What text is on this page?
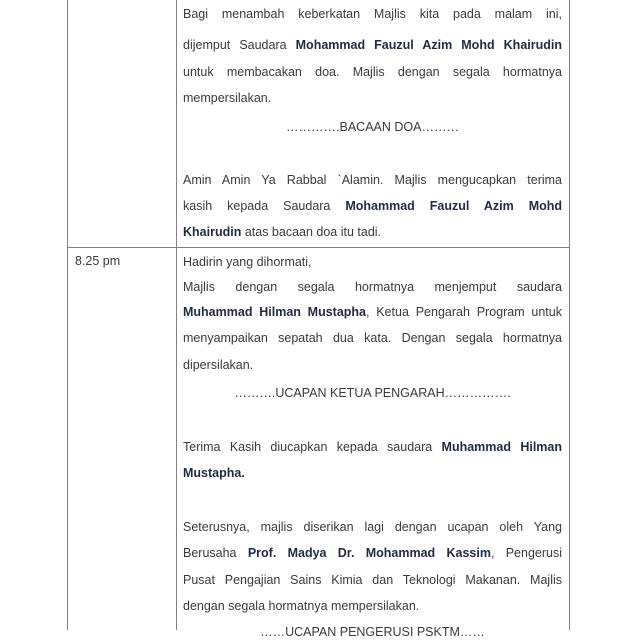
8.25 pm
Bagi menambah keberkatan Majlis kita pada malam ini,
dijemput Saudara Mohammad Fauzul Azim Mohd Khairudin
untuk membacakan doa. Majlis dengan segala hormatnya
mempersilakan.
………….BACAAN DOA………
Amin Amin Ya Rabbal `Alamin. Majlis mengucapkan terima
kasih kepada Saudara Mohammad Fauzul Azim Mohd
Khairudin atas bacaan doa itu tadi.
Hadirin yang dihormati,
Majlis dengan segala hormatnya menjemput saudara
Muhammad Hilman Mustapha, Ketua Pengarah Program untuk
menyampaikan sepatah dua kata. Dengan segala hormatnya
dipersilakan.
……….UCAPAN KETUA PENGARAH…………….
Terima Kasih diucapkan kepada saudara Muhammad Hilman
Mustapha.
Seterusnya, majlis diserikan lagi dengan ucapan oleh Yang
Berusaha Prof. Madya Dr. Mohammad Kassim, Pengerusi
Pusat Pengajian Sains Kimia dan Teknologi Makanan. Majlis
dengan segala hormatnya mempersilakan.
……UCAPAN PENGERUSI PSKTM……
